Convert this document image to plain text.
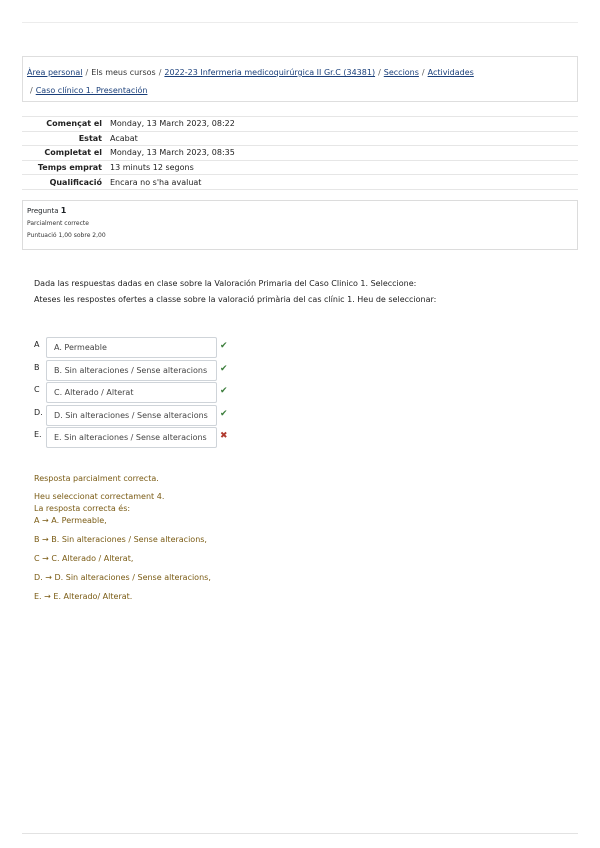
Àrea personal / Els meus cursos / 2022-23 Infermeria medicoquirúrgica II Gr.C (34381) / Seccions / Actividades
/ Caso clínico 1. Presentación
Començat el	Monday, 13 March 2023, 08:22
Estat	Acabat
Completat el	Monday, 13 March 2023, 08:35
Temps emprat	13 minuts 12 segons
Qualificació	Encara no s'ha avaluat
Pregunta 1
Parcialment correcte
Puntuació 1,00 sobre 2,00
Dada las respuestas dadas en clase sobre la Valoración Primaria del Caso Clinico 1. Seleccione:
Ateses les respostes ofertes a classe sobre la valoració primària del cas clínic 1. Heu de seleccionar:
A	A. Permeable	✔
B	B. Sin alteraciones / Sense alteracions	✔
C	C. Alterado / Alterat	✔
D.	D. Sin alteraciones / Sense alteracions	✔
E.	E. Sin alteraciones / Sense alteracions	✖
Resposta parcialment correcta.
Heu seleccionat correctament 4.
La resposta correcta és:
A → A. Permeable,
B → B. Sin alteraciones / Sense alteracions,
C → C. Alterado / Alterat,
D. → D. Sin alteraciones / Sense alteracions,
E. → E. Alterado/ Alterat.
